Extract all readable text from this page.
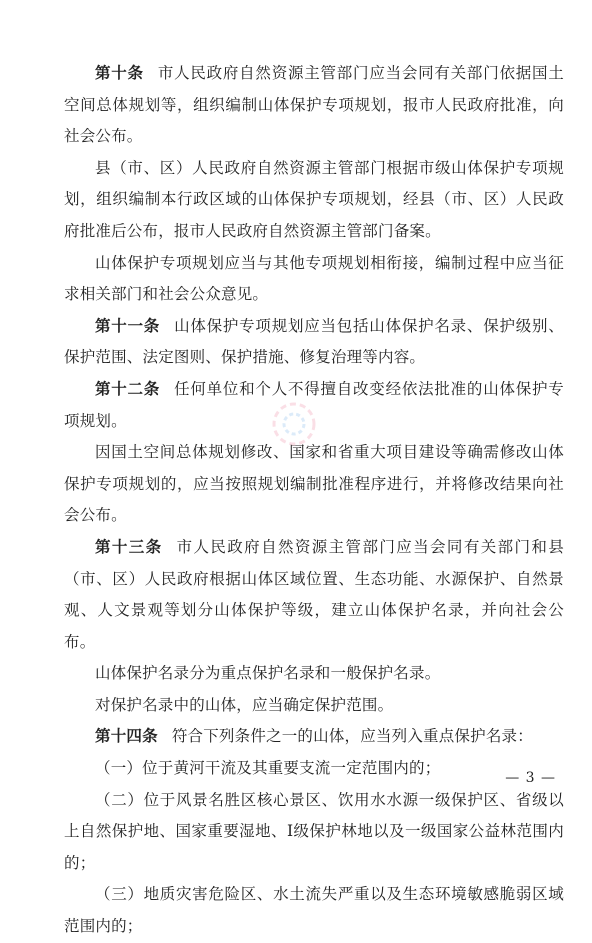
第十条 市人民政府自然资源主管部门应当会同有关部门依据国土空间总体规划等，组织编制山体保护专项规划，报市人民政府批准，向社会公布。

县（市、区）人民政府自然资源主管部门根据市级山体保护专项规划，组织编制本行政区域的山体保护专项规划，经县（市、区）人民政府批准后公布，报市人民政府自然资源主管部门备案。

山体保护专项规划应当与其他专项规划相衔接，编制过程中应当征求相关部门和社会公众意见。

第十一条 山体保护专项规划应当包括山体保护名录、保护级别、保护范围、法定图则、保护措施、修复治理等内容。

第十二条 任何单位和个人不得擅自改变经依法批准的山体保护专项规划。

因国土空间总体规划修改、国家和省重大项目建设等确需修改山体保护专项规划的，应当按照规划编制批准程序进行，并将修改结果向社会公布。

第十三条 市人民政府自然资源主管部门应当会同有关部门和县（市、区）人民政府根据山体区域位置、生态功能、水源保护、自然景观、人文景观等划分山体保护等级，建立山体保护名录，并向社会公布。

山体保护名录分为重点保护名录和一般保护名录。

对保护名录中的山体，应当确定保护范围。

第十四条 符合下列条件之一的山体，应当列入重点保护名录：

（一）位于黄河干流及其重要支流一定范围内的；

（二）位于风景名胜区核心景区、饮用水水源一级保护区、省级以上自然保护地、国家重要湿地、Ⅰ级保护林地以及一级国家公益林范围内的；

（三）地质灾害危险区、水土流失严重以及生态环境敏感脆弱区域范围内的；

— 3 —
